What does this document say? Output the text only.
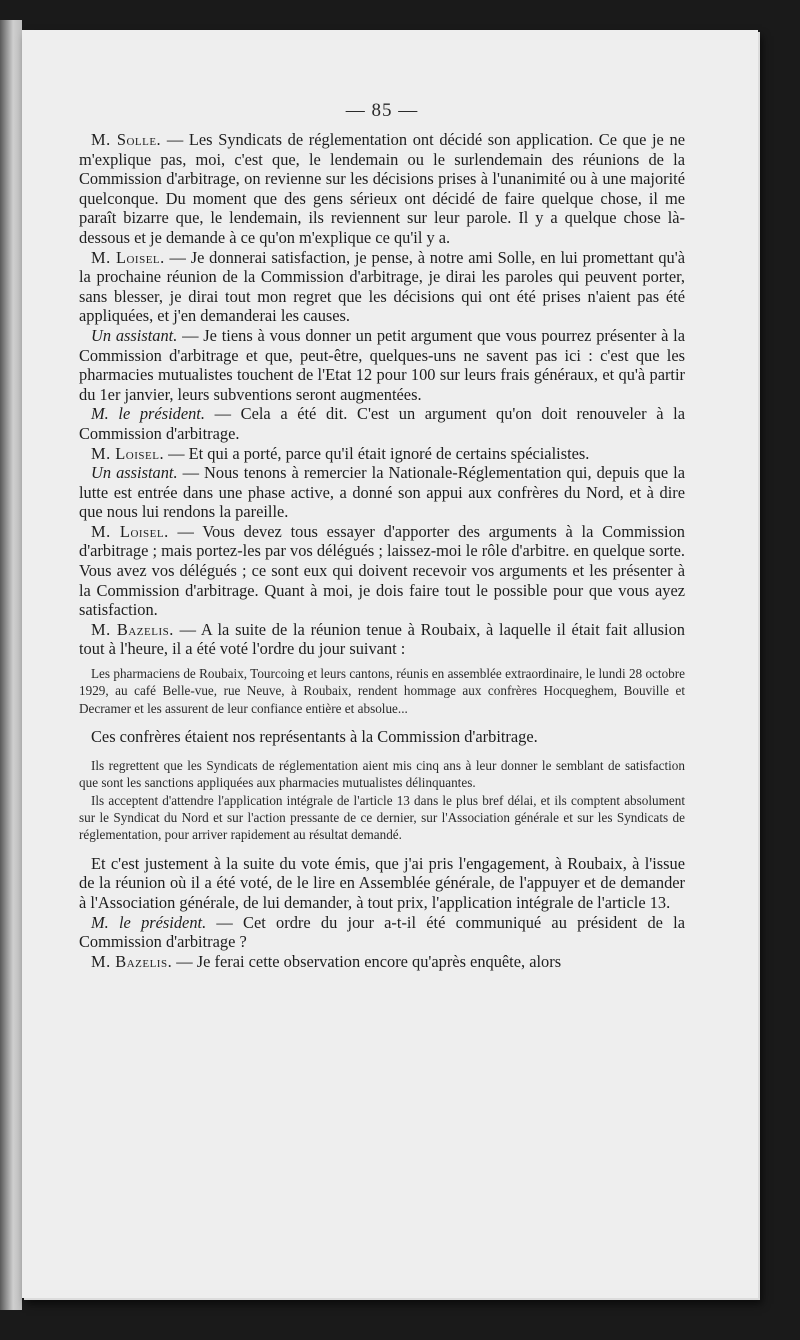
— 85 —

M. Solle. — Les Syndicats de réglementation ont décidé son application. Ce que je ne m'explique pas, moi, c'est que, le lendemain ou le surlendemain des réunions de la Commission d'arbitrage, on revienne sur les décisions prises à l'unanimité ou à une majorité quelconque. Du moment que des gens sérieux ont décidé de faire quelque chose, il me paraît bizarre que, le lendemain, ils reviennent sur leur parole. Il y a quelque chose là-dessous et je demande à ce qu'on m'explique ce qu'il y a.

M. Loisel. — Je donnerai satisfaction, je pense, à notre ami Solle, en lui promettant qu'à la prochaine réunion de la Commission d'arbitrage, je dirai les paroles qui peuvent porter, sans blesser, je dirai tout mon regret que les décisions qui ont été prises n'aient pas été appliquées, et j'en demanderai les causes.

Un assistant. — Je tiens à vous donner un petit argument que vous pourrez présenter à la Commission d'arbitrage et que, peut-être, quelques-uns ne savent pas ici : c'est que les pharmacies mutualistes touchent de l'Etat 12 pour 100 sur leurs frais généraux, et qu'à partir du 1er janvier, leurs subventions seront augmentées.

M. le président. — Cela a été dit. C'est un argument qu'on doit renouveler à la Commission d'arbitrage.

M. Loisel. — Et qui a porté, parce qu'il était ignoré de certains spécialistes.

Un assistant. — Nous tenons à remercier la Nationale-Réglementation qui, depuis que la lutte est entrée dans une phase active, a donné son appui aux confrères du Nord, et à dire que nous lui rendons la pareille.

M. Loisel. — Vous devez tous essayer d'apporter des arguments à la Commission d'arbitrage ; mais portez-les par vos délégués ; laissez-moi le rôle d'arbitre. en quelque sorte. Vous avez vos délégués ; ce sont eux qui doivent recevoir vos arguments et les présenter à la Commission d'arbitrage. Quant à moi, je dois faire tout le possible pour que vous ayez satisfaction.

M. Bazelis. — A la suite de la réunion tenue à Roubaix, à laquelle il était fait allusion tout à l'heure, il a été voté l'ordre du jour suivant :

Les pharmaciens de Roubaix, Tourcoing et leurs cantons, réunis en assemblée extraordinaire, le lundi 28 octobre 1929, au café Belle-vue, rue Neuve, à Roubaix, rendent hommage aux confrères Hocqueghem, Bouville et Decramer et les assurent de leur confiance entière et absolue...

Ces confrères étaient nos représentants à la Commission d'arbitrage.

Ils regrettent que les Syndicats de réglementation aient mis cinq ans à leur donner le semblant de satisfaction que sont les sanctions appliquées aux pharmacies mutualistes délinquantes.

Ils acceptent d'attendre l'application intégrale de l'article 13 dans le plus bref délai, et ils comptent absolument sur le Syndicat du Nord et sur l'action pressante de ce dernier, sur l'Association générale et sur les Syndicats de réglementation, pour arriver rapidement au résultat demandé.

Et c'est justement à la suite du vote émis, que j'ai pris l'engagement, à Roubaix, à l'issue de la réunion où il a été voté, de le lire en Assemblée générale, de l'appuyer et de demander à l'Association générale, de lui demander, à tout prix, l'application intégrale de l'article 13.

M. le président. — Cet ordre du jour a-t-il été communiqué au président de la Commission d'arbitrage ?

M. Bazelis. — Je ferai cette observation encore qu'après enquête, alors
